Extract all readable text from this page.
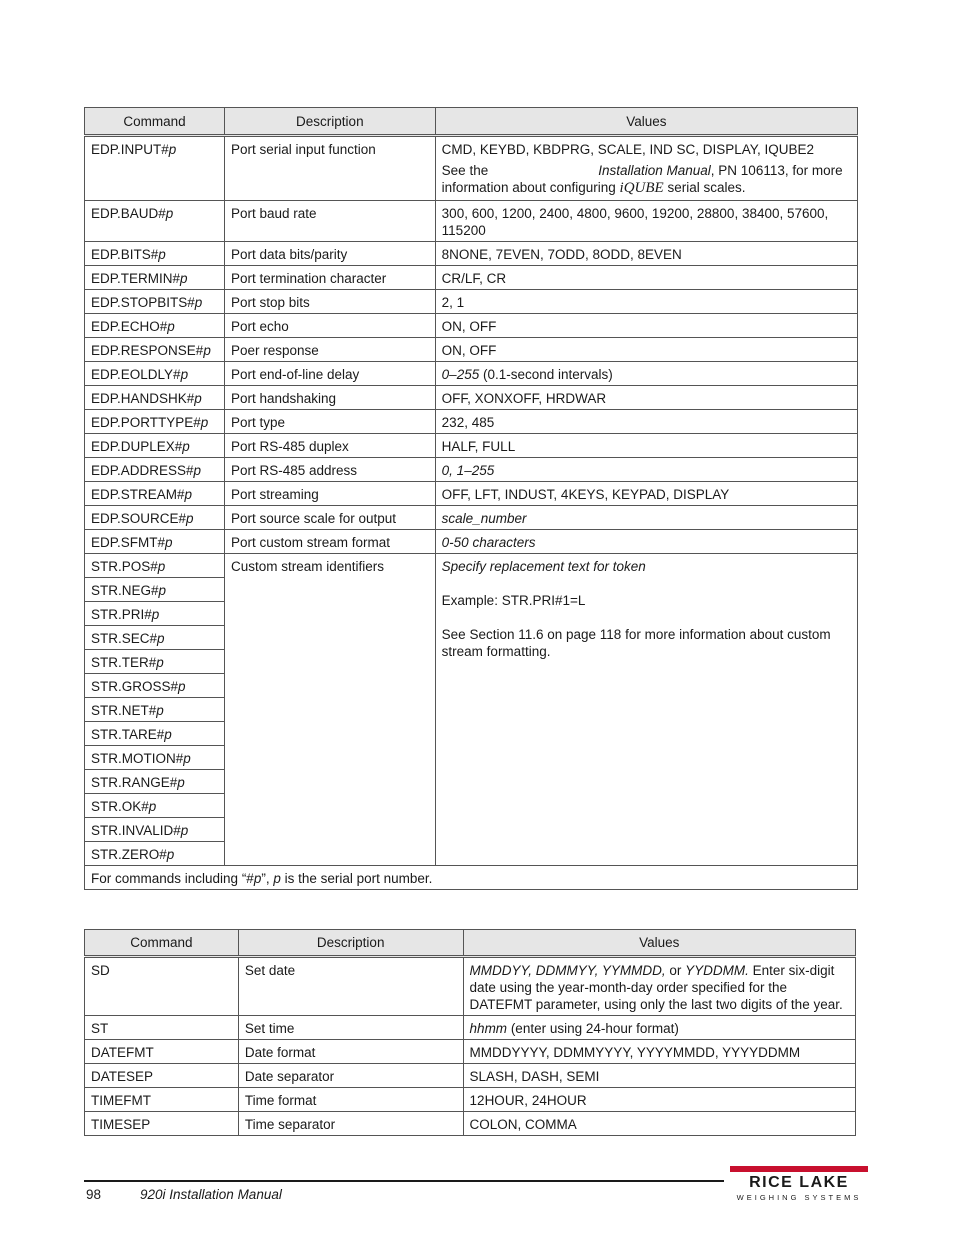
Command	Description	Values
EDP.INPUT#p	Port serial input function	CMD, KEYBD, KBDPRG, SCALE, IND SC, DISPLAY, IQUBE2
See the Installation Manual, PN 106113, for more information about configuring iQUBE serial scales.

EDP.BAUD#p	Port baud rate	300, 600, 1200, 2400, 4800, 9600, 19200, 28800, 38400, 57600, 115200
EDP.BITS#p	Port data bits/parity	8NONE, 7EVEN, 7ODD, 8ODD, 8EVEN
EDP.TERMIN#p	Port termination character	CR/LF, CR
EDP.STOPBITS#p	Port stop bits	2, 1
EDP.ECHO#p	Port echo	ON, OFF
EDP.RESPONSE#p	Poer response	ON, OFF
EDP.EOLDLY#p	Port end-of-line delay	0–255 (0.1-second intervals)
EDP.HANDSHK#p	Port handshaking	OFF, XONXOFF, HRDWAR
EDP.PORTTYPE#p	Port type	232, 485
EDP.DUPLEX#p	Port RS-485 duplex	HALF, FULL
EDP.ADDRESS#p	Port RS-485 address	0, 1–255
EDP.STREAM#p	Port streaming	OFF, LFT, INDUST, 4KEYS, KEYPAD, DISPLAY
EDP.SOURCE#p	Port source scale for output	scale_number
EDP.SFMT#p	Port custom stream format	0-50 characters
STR.POS#p	Custom stream identifiers	Specify replacement text for token
Example: STR.PRI#1=L
See Section 11.6 on page 118 for more information about custom stream formatting.

STR.NEG#p		
STR.PRI#p		
STR.SEC#p		
STR.TER#p		
STR.GROSS#p		
STR.NET#p		
STR.TARE#p		
STR.MOTION#p		
STR.RANGE#p		
STR.OK#p		
STR.INVALID#p		
STR.ZERO#p		
For commands including “#p”, p is the serial port number.		
Command	Description	Values
SD	Set date	MMDDYY, DDMMYY, YYMMDD, or YYDDMM. Enter six-digit date using the year-month-day order specified for the DATEFMT parameter, using only the last two digits of the year.
ST	Set time	hhmm (enter using 24-hour format)
DATEFMT	Date format	MMDDYYYY, DDMMYYYY, YYYYMMDD, YYYYDDMM
DATESEP	Date separator	SLASH, DASH, SEMI
TIMEFMT	Time format	12HOUR, 24HOUR
TIMESEP	Time separator	COLON, COMMA
98	920i Installation Manual
RICE LAKE
WEIGHING SYSTEMS
